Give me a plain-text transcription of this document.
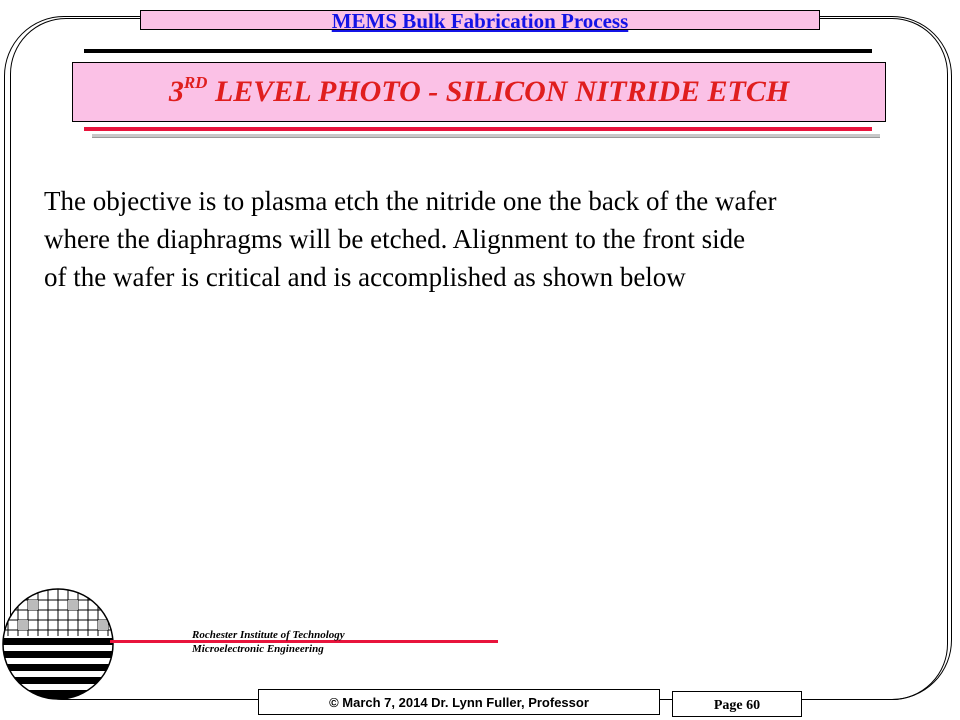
MEMS Bulk Fabrication Process
3RD LEVEL PHOTO - SILICON NITRIDE ETCH
The objective is to plasma etch the nitride one the back of the wafer
where the diaphragms will be etched. Alignment to the front side
of the wafer is critical and is accomplished as shown below
Rochester Institute of Technology
Microelectronic Engineering
© March 7, 2014 Dr. Lynn Fuller, Professor	Page 60
